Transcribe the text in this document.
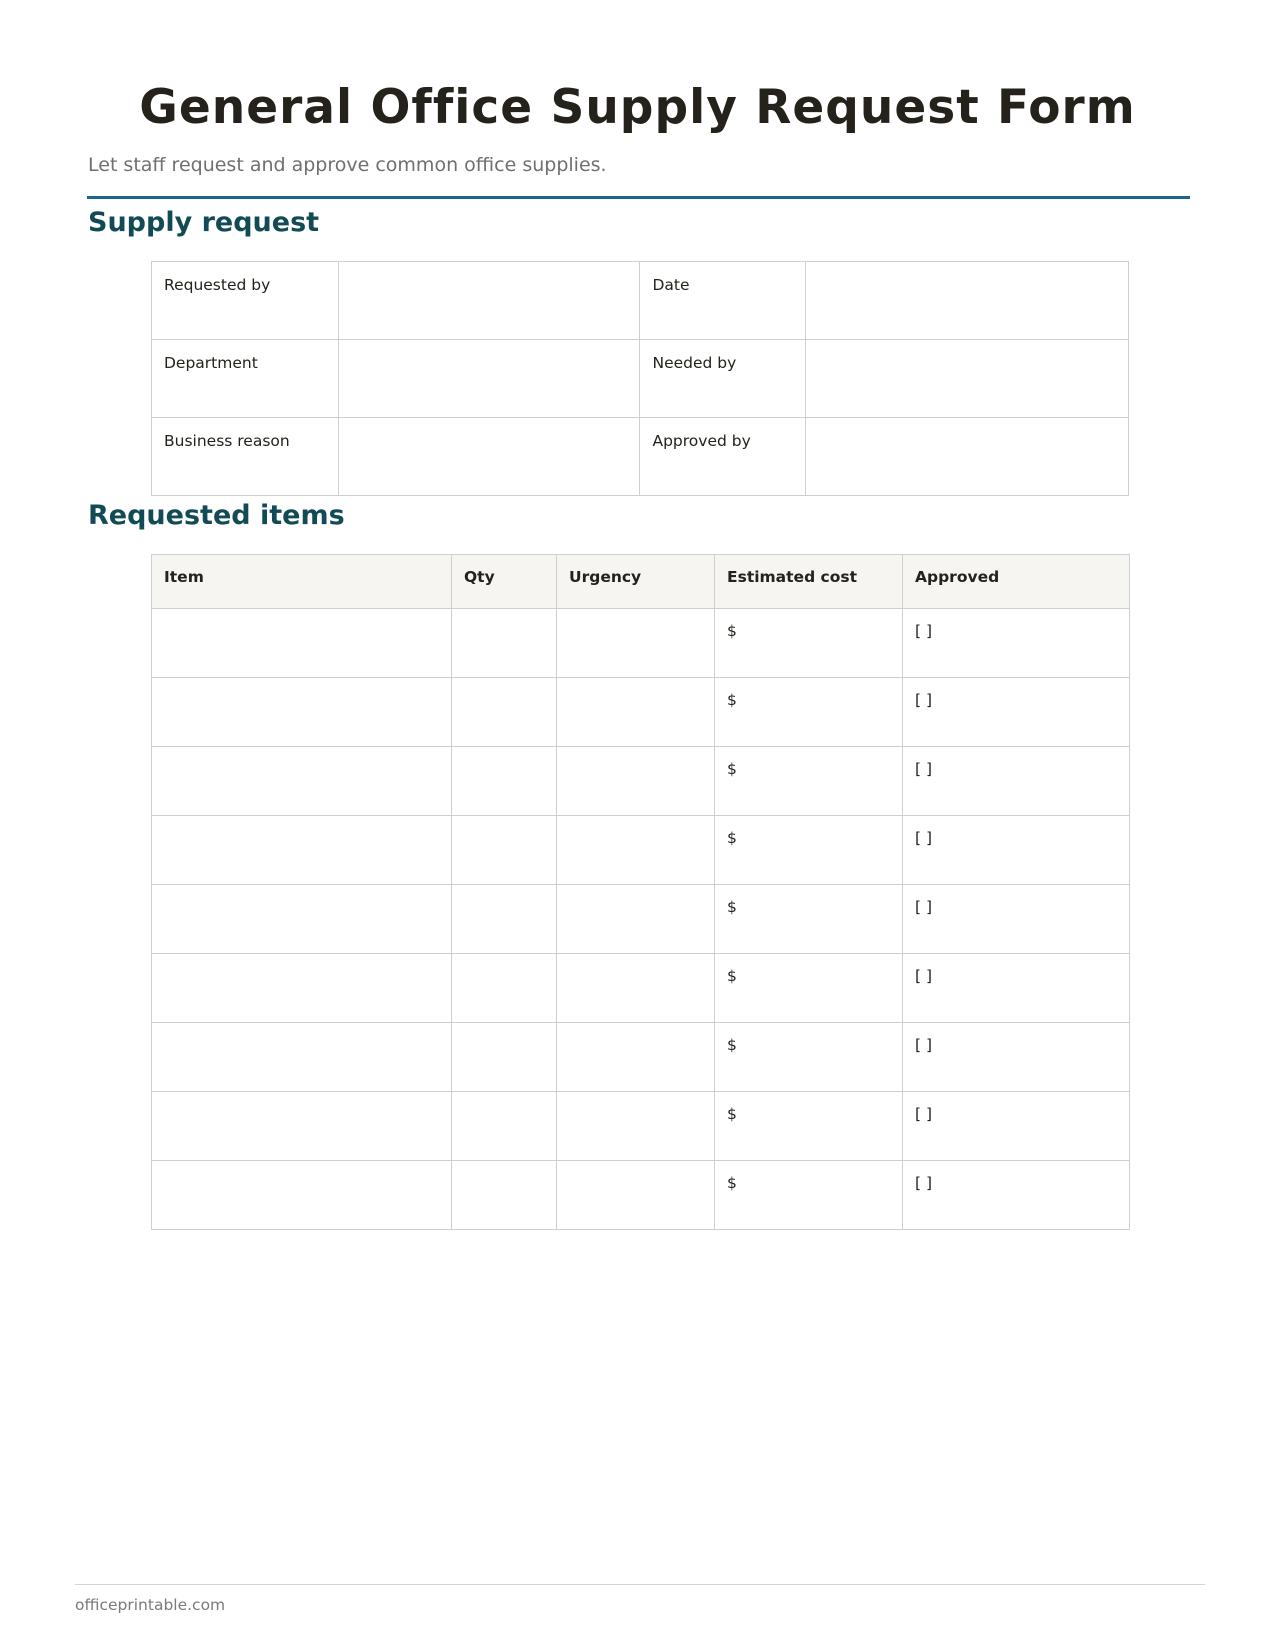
General Office Supply Request Form
Let staff request and approve common office supplies.
Supply request
Requested by		Date	
Department		Needed by	
Business reason		Approved by	
Requested items
Item	Qty	Urgency	Estimated cost	Approved
			$	[ ]
			$	[ ]
			$	[ ]
			$	[ ]
			$	[ ]
			$	[ ]
			$	[ ]
			$	[ ]
			$	[ ]
officeprintable.com
